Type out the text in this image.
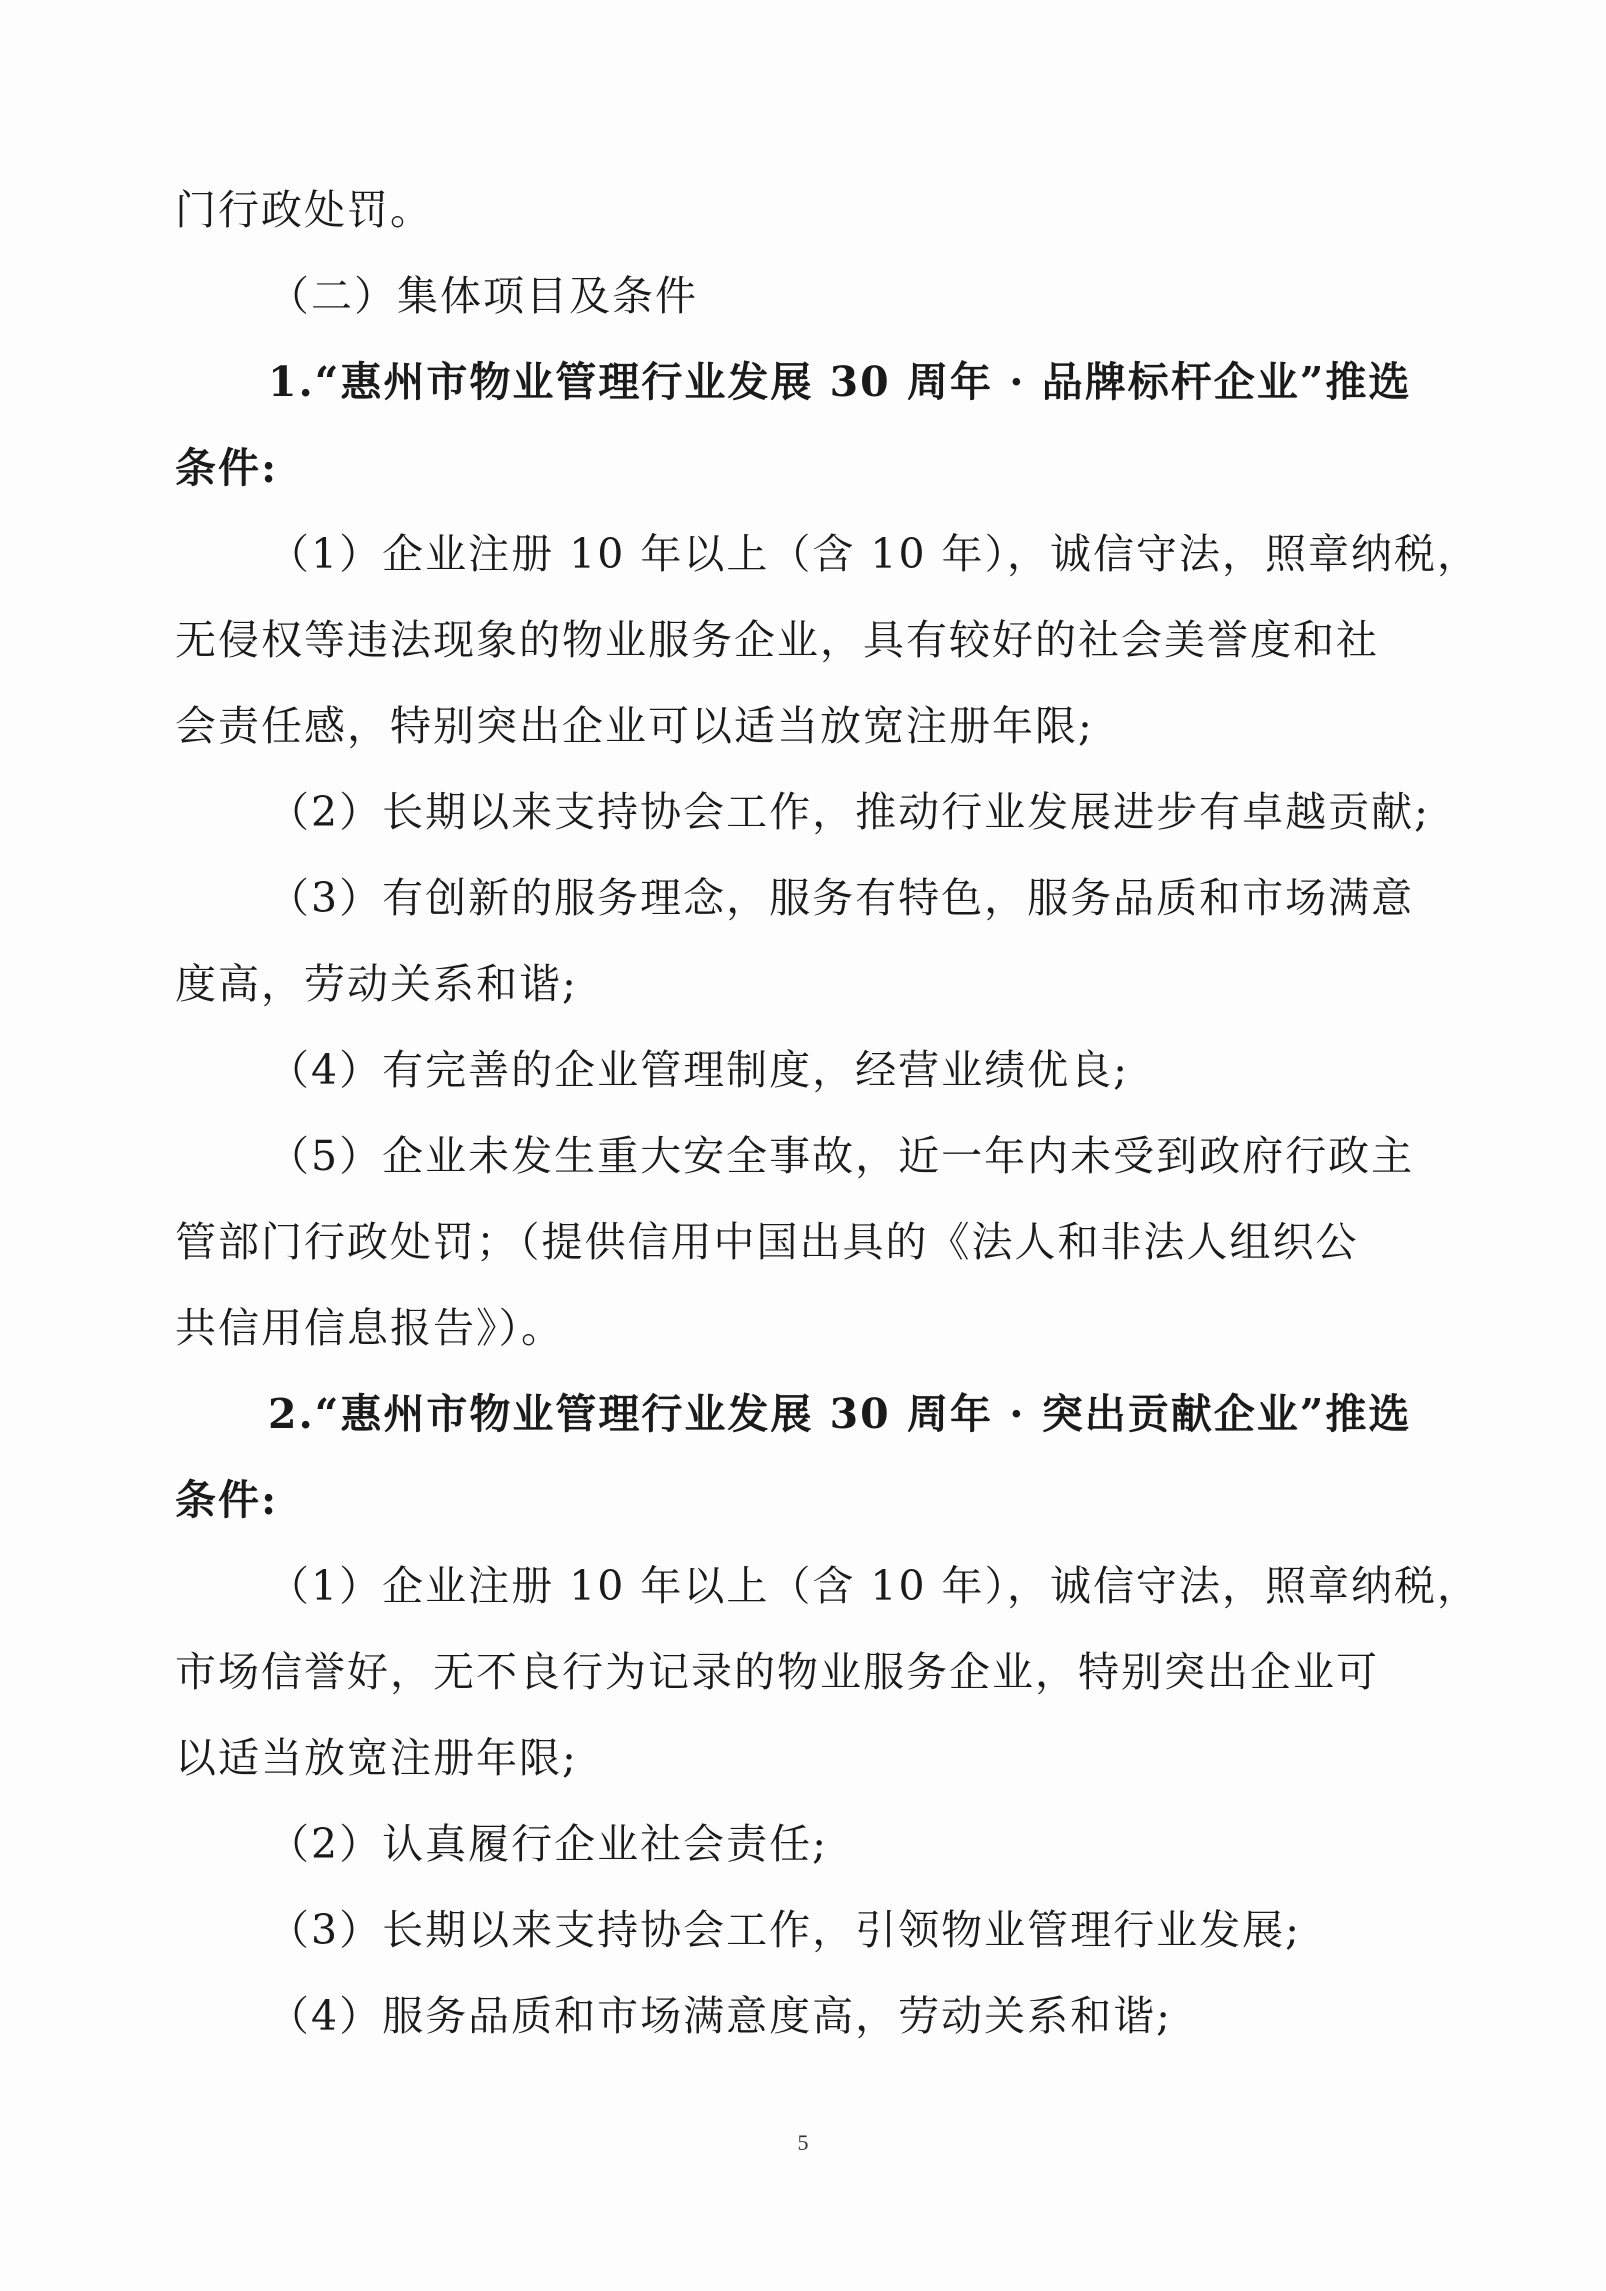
门行政处罚。
（二）集体项目及条件
1.“惠州市物业管理行业发展 30 周年 · 品牌标杆企业”推选
条件:
（1）企业注册 10 年以上（含 10 年），诚信守法，照章纳税，
无侵权等违法现象的物业服务企业，具有较好的社会美誉度和社
会责任感，特别突出企业可以适当放宽注册年限;
（2）长期以来支持协会工作，推动行业发展进步有卓越贡献;
（3）有创新的服务理念，服务有特色，服务品质和市场满意
度高，劳动关系和谐;
（4）有完善的企业管理制度，经营业绩优良;
（5）企业未发生重大安全事故，近一年内未受到政府行政主
管部门行政处罚；（提供信用中国出具的《法人和非法人组织公
共信用信息报告》）。
2.“惠州市物业管理行业发展 30 周年 · 突出贡献企业”推选
条件:
（1）企业注册 10 年以上（含 10 年），诚信守法，照章纳税，
市场信誉好，无不良行为记录的物业服务企业，特别突出企业可
以适当放宽注册年限;
（2）认真履行企业社会责任;
（3）长期以来支持协会工作，引领物业管理行业发展;
（4）服务品质和市场满意度高，劳动关系和谐;
5
